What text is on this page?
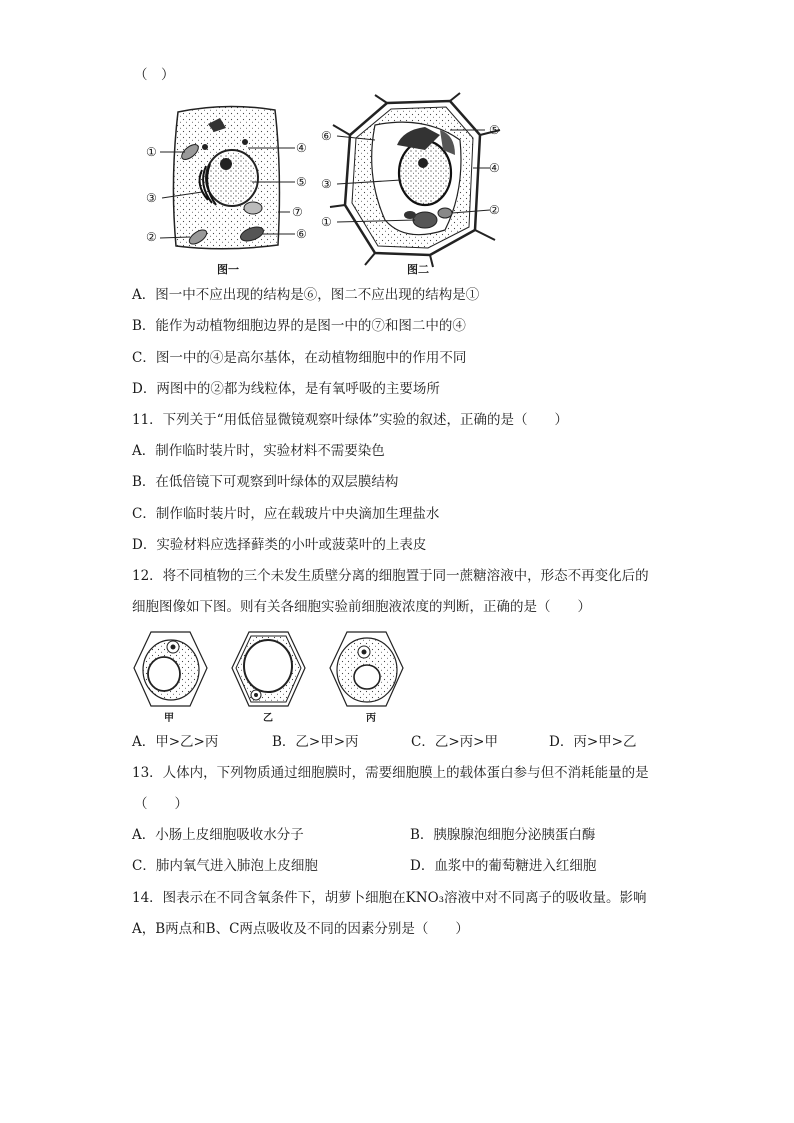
（　）
①
③
②
④
⑤
⑦
⑥
图一
⑥
③
①
⑤
④
②
图二
A．图一中不应出现的结构是⑥，图二不应出现的结构是①
B．能作为动植物细胞边界的是图一中的⑦和图二中的④
C．图一中的④是高尔基体，在动植物细胞中的作用不同
D．两图中的②都为线粒体，是有氧呼吸的主要场所
11．下列关于“用低倍显微镜观察叶绿体”实验的叙述，正确的是（　　）
A．制作临时装片时，实验材料不需要染色
B．在低倍镜下可观察到叶绿体的双层膜结构
C．制作临时装片时，应在载玻片中央滴加生理盐水
D．实验材料应选择藓类的小叶或菠菜叶的上表皮
12．将不同植物的三个未发生质壁分离的细胞置于同一蔗糖溶液中，形态不再变化后的
细胞图像如下图。则有关各细胞实验前细胞液浓度的判断，正确的是（　　）
甲	乙	丙
A．甲>乙>丙	B．乙>甲>丙	C．乙>丙>甲	D．丙>甲>乙
13．人体内，下列物质通过细胞膜时，需要细胞膜上的载体蛋白参与但不消耗能量的是
（　　）
A．小肠上皮细胞吸收水分子	B．胰腺腺泡细胞分泌胰蛋白酶
C．肺内氧气进入肺泡上皮细胞	D．血浆中的葡萄糖进入红细胞
14．图表示在不同含氧条件下，胡萝卜细胞在KNO₃溶液中对不同离子的吸收量。影响
A，B两点和B、C两点吸收及不同的因素分别是（　　）
